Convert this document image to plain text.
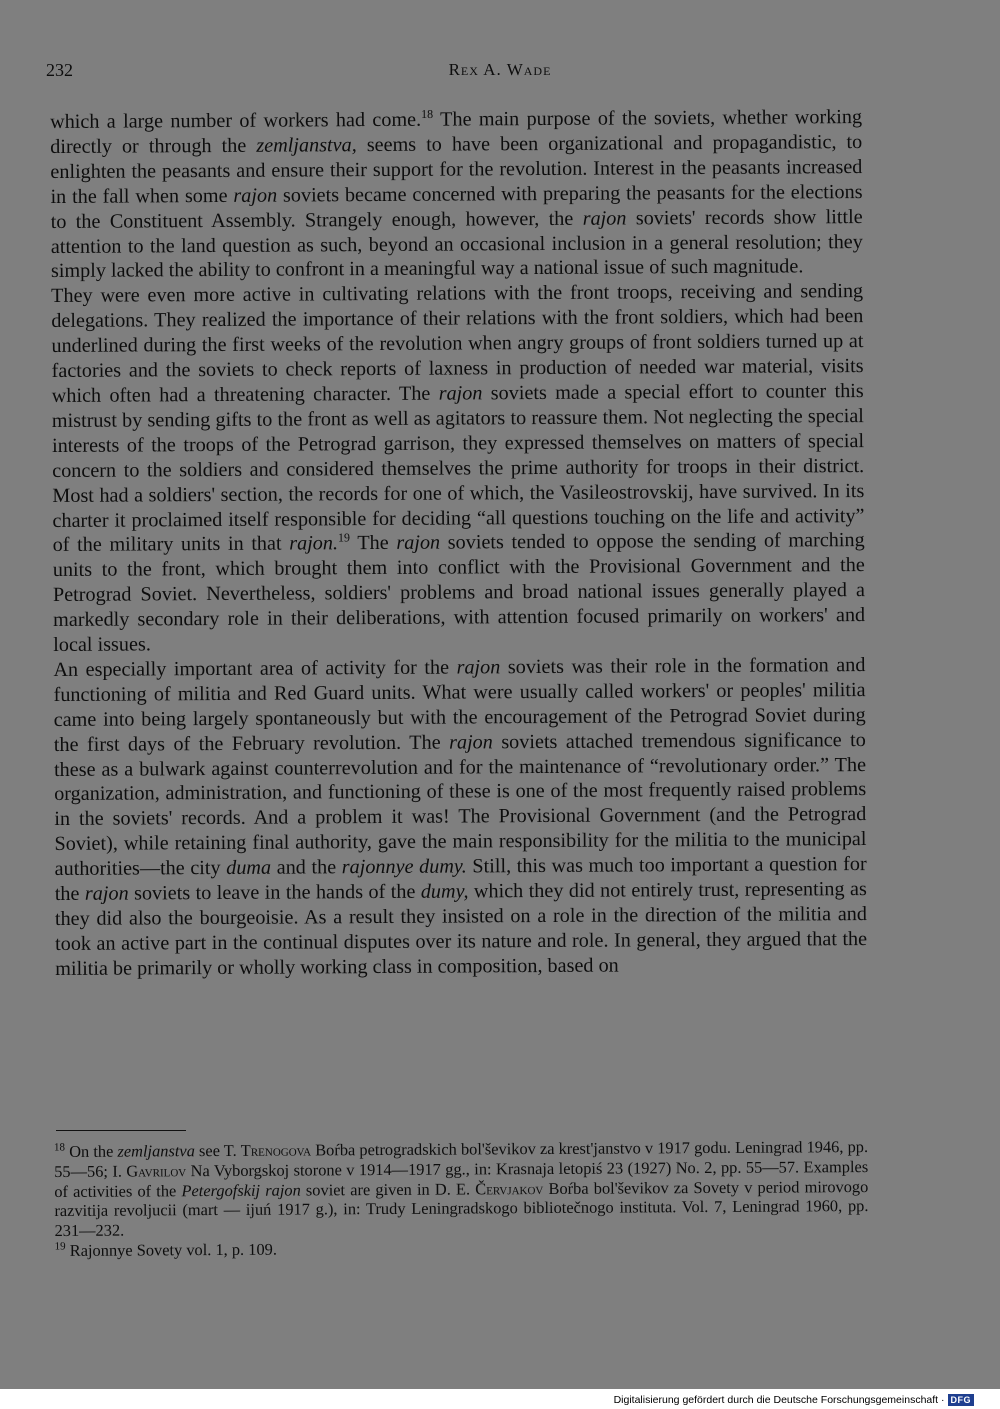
232	Rex A. Wade

which a large number of workers had come.$^{18}$ The main purpose of the soviets, whether working directly or through the zemljanstva, seems to have been organizational and propagandistic, to enlighten the peasants and ensure their support for the revolution. Interest in the peasants increased in the fall when some rajon soviets became concerned with preparing the peasants for the elections to the Constituent Assembly. Strangely enough, however, the rajon soviets' records show little attention to the land question as such, beyond an occasional inclusion in a general resolution; they simply lacked the ability to confront in a meaningful way a national issue of such magnitude.

They were even more active in cultivating relations with the front troops, receiving and sending delegations. They realized the importance of their relations with the front soldiers, which had been underlined during the first weeks of the revolution when angry groups of front soldiers turned up at factories and the soviets to check reports of laxness in production of needed war material, visits which often had a threatening character. The rajon soviets made a special effort to counter this mistrust by sending gifts to the front as well as agitators to reassure them. Not neglecting the special interests of the troops of the Petrograd garrison, they expressed themselves on matters of special concern to the soldiers and considered themselves the prime authority for troops in their district. Most had a soldiers' section, the records for one of which, the Vasileostrovskij, have survived. In its charter it proclaimed itself responsible for deciding “all questions touching on the life and activity” of the military units in that rajon.$^{19}$ The rajon soviets tended to oppose the sending of marching units to the front, which brought them into conflict with the Provisional Government and the Petrograd Soviet. Nevertheless, soldiers' problems and broad national issues generally played a markedly secondary role in their deliberations, with attention focused primarily on workers' and local issues.

An especially important area of activity for the rajon soviets was their role in the formation and functioning of militia and Red Guard units. What were usually called workers' or peoples' militia came into being largely spontaneously but with the encouragement of the Petrograd Soviet during the first days of the February revolution. The rajon soviets attached tremendous significance to these as a bulwark against counterrevolution and for the maintenance of “revolutionary order.” The organization, administration, and functioning of these is one of the most frequently raised problems in the soviets' records. And a problem it was! The Provisional Government (and the Petrograd Soviet), while retaining final authority, gave the main responsibility for the militia to the municipal authorities—the city duma and the rajonnye dumy. Still, this was much too important a question for the rajon soviets to leave in the hands of the dumy, which they did not entirely trust, representing as they did also the bourgeoisie. As a result they insisted on a role in the direction of the militia and took an active part in the continual disputes over its nature and role. In general, they argued that the militia be primarily or wholly working class in composition, based on

$^{18}$ On the zemljanstva see T. Trenogova Boŕba petrogradskich bol'ševikov za krest'janstvo v 1917 godu. Leningrad 1946, pp. 55—56; I. Gavrilov Na Vyborgskoj storone v 1914—1917 gg., in: Krasnaja letopiś 23 (1927) No. 2, pp. 55—57. Examples of activities of the Petergofskij rajon soviet are given in D. E. Červjakov Boŕba bol'ševikov za Sovety v period mirovogo razvitija revoljucii (mart — ijuń 1917 g.), in: Trudy Leningradskogo bibliotečnogo instituta. Vol. 7, Leningrad 1960, pp. 231—232.

$^{19}$ Rajonnye Sovety vol. 1, p. 109.

Digitalisierung gefördert durch die Deutsche Forschungsgemeinschaft · DFG
